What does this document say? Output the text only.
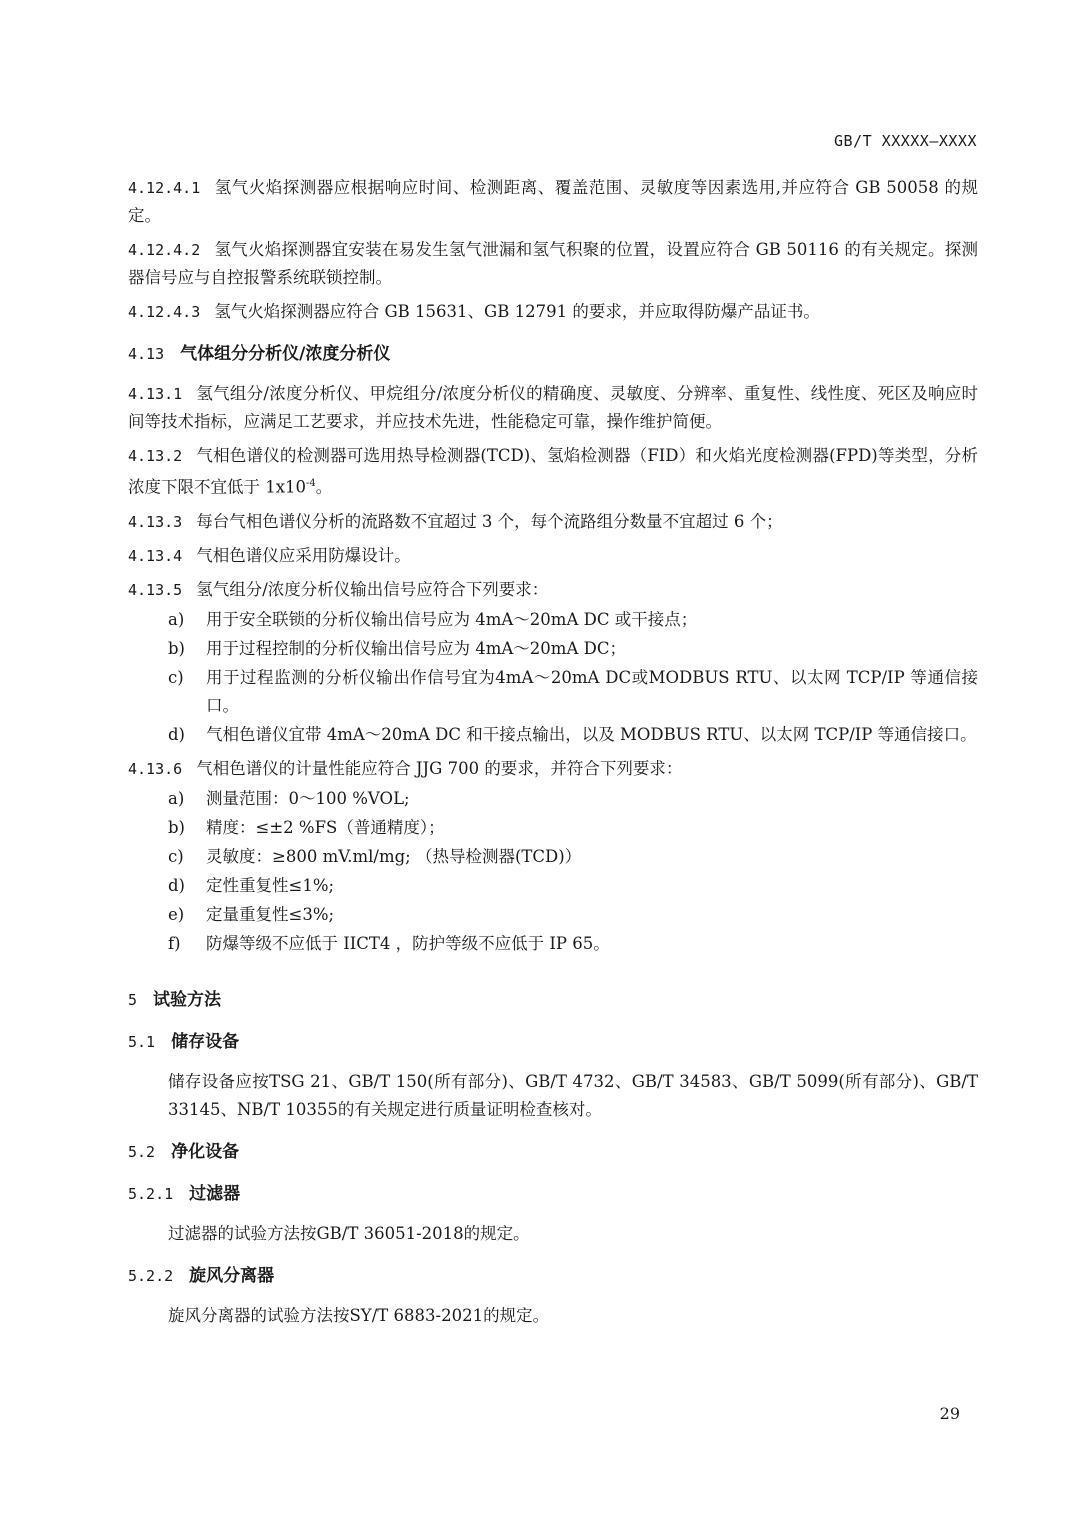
GB/T XXXXX—XXXX

4.12.4.1 氢气火焰探测器应根据响应时间、检测距离、覆盖范围、灵敏度等因素选用,并应符合 GB 50058 的规定。

4.12.4.2 氢气火焰探测器宜安装在易发生氢气泄漏和氢气积聚的位置，设置应符合 GB 50116 的有关规定。探测器信号应与自控报警系统联锁控制。

4.12.4.3 氢气火焰探测器应符合 GB 15631、GB 12791 的要求，并应取得防爆产品证书。

4.13 气体组分分析仪/浓度分析仪

4.13.1 氢气组分/浓度分析仪、甲烷组分/浓度分析仪的精确度、灵敏度、分辨率、重复性、线性度、死区及响应时间等技术指标，应满足工艺要求，并应技术先进，性能稳定可靠，操作维护简便。

4.13.2 气相色谱仪的检测器可选用热导检测器(TCD)、氢焰检测器（FID）和火焰光度检测器(FPD)等类型，分析浓度下限不宜低于 $1x10^{-4}$。

4.13.3 每台气相色谱仪分析的流路数不宜超过 3 个，每个流路组分数量不宜超过 6 个；

4.13.4 气相色谱仪应采用防爆设计。

4.13.5 氢气组分/浓度分析仪输出信号应符合下列要求：

a) 用于安全联锁的分析仪输出信号应为 4mA～20mA DC 或干接点；
b) 用于过程控制的分析仪输出信号应为 4mA～20mA DC；
c) 用于过程监测的分析仪输出作信号宜为4mA～20mA DC或MODBUS RTU、以太网 TCP/IP 等通信接口。
d) 气相色谱仪宜带 4mA～20mA DC 和干接点输出，以及 MODBUS RTU、以太网 TCP/IP 等通信接口。

4.13.6 气相色谱仪的计量性能应符合 JJG 700 的要求，并符合下列要求：

a) 测量范围：0～100 %VOL;
b) 精度：≤±2 %FS（普通精度）；
c) 灵敏度：≥800 mV.ml/mg; （热导检测器(TCD)）
d) 定性重复性≤1%;
e) 定量重复性≤3%;
f) 防爆等级不应低于 IICT4 ，防护等级不应低于 IP 65。
5 试验方法
5.1 储存设备

储存设备应按TSG 21、GB/T 150(所有部分)、GB/T 4732、GB/T 34583、GB/T 5099(所有部分)、GB/T 33145、NB/T 10355的有关规定进行质量证明检查核对。

5.2 净化设备
5.2.1 过滤器

过滤器的试验方法按GB/T 36051-2018的规定。

5.2.2 旋风分离器

旋风分离器的试验方法按SY/T 6883-2021的规定。

29
